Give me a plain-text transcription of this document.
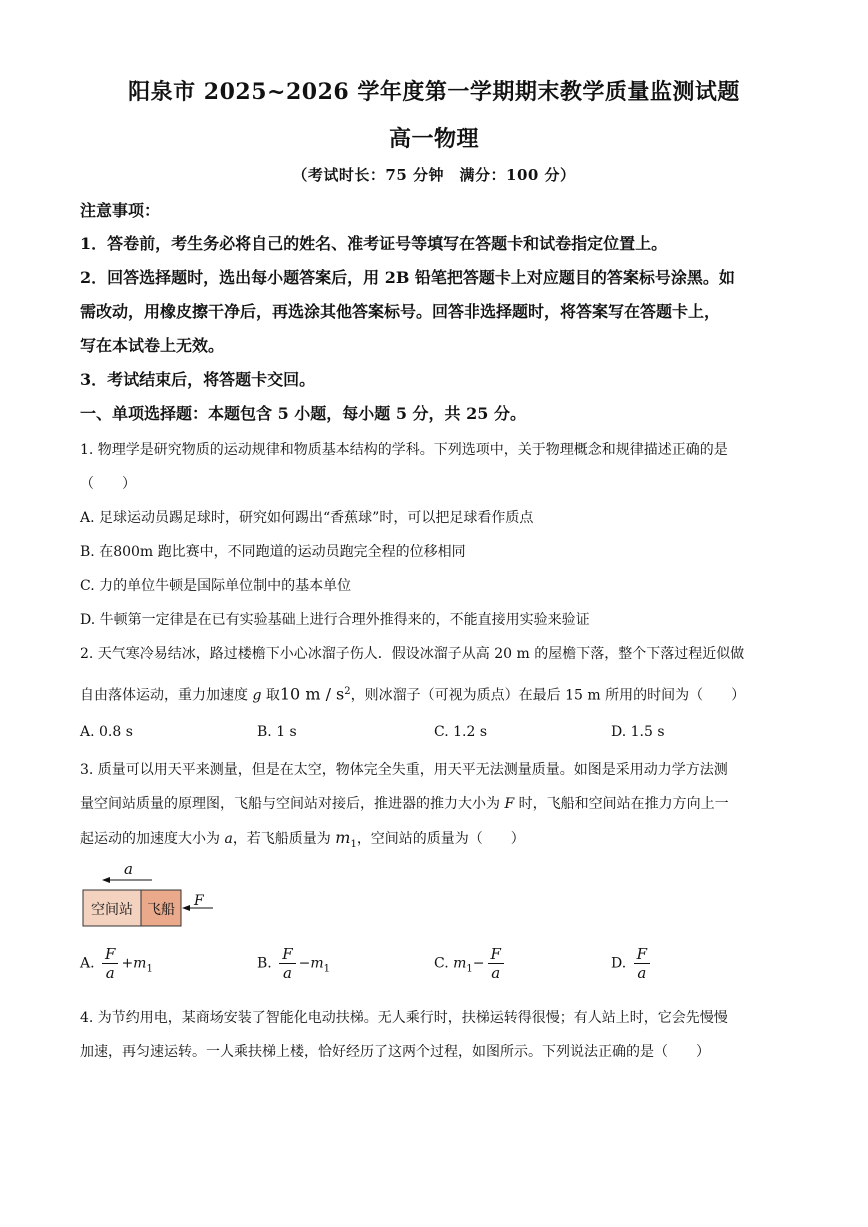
阳泉市 2025~2026 学年度第一学期期末教学质量监测试题
高一物理
（考试时长：75 分钟　满分：100 分）
注意事项：
1．答卷前，考生务必将自己的姓名、准考证号等填写在答题卡和试卷指定位置上。
2．回答选择题时，选出每小题答案后，用 2B 铅笔把答题卡上对应题目的答案标号涂黑。如
需改动，用橡皮擦干净后，再选涂其他答案标号。回答非选择题时，将答案写在答题卡上，
写在本试卷上无效。
3．考试结束后，将答题卡交回。
一、单项选择题：本题包含 5 小题，每小题 5 分，共 25 分。
1. 物理学是研究物质的运动规律和物质基本结构的学科。下列选项中，关于物理概念和规律描述正确的是
（　　）
A. 足球运动员踢足球时，研究如何踢出“香蕉球”时，可以把足球看作质点
B. 在800m 跑比赛中，不同跑道的运动员跑完全程的位移相同
C. 力的单位牛顿是国际单位制中的基本单位
D. 牛顿第一定律是在已有实验基础上进行合理外推得来的，不能直接用实验来验证
2. 天气寒冷易结冰，路过楼檐下小心冰溜子伤人．假设冰溜子从高 20 m 的屋檐下落，整个下落过程近似做
自由落体运动，重力加速度 g 取10 m / $s^2$，则冰溜子（可视为质点）在最后 15 m 所用的时间为（　　）
A. 0.8 s	B. 1 s	C. 1.2 s	D. 1.5 s
3. 质量可以用天平来测量，但是在太空，物体完全失重，用天平无法测量质量。如图是采用动力学方法测
量空间站质量的原理图，飞船与空间站对接后，推进器的推力大小为 F 时，飞船和空间站在推力方向上一
起运动的加速度大小为 a，若飞船质量为 $m_1$，空间站的质量为（　　）
a
空间站 飞船
F
A. $\frac{F}{a} +m_1$	B. $\frac{F}{a} -m_1$	C. $m_1- \frac{F}{a}$	D. $\frac{F}{a}$
4. 为节约用电，某商场安装了智能化电动扶梯。无人乘行时，扶梯运转得很慢；有人站上时，它会先慢慢
加速，再匀速运转。一人乘扶梯上楼，恰好经历了这两个过程，如图所示。下列说法正确的是（　　）
